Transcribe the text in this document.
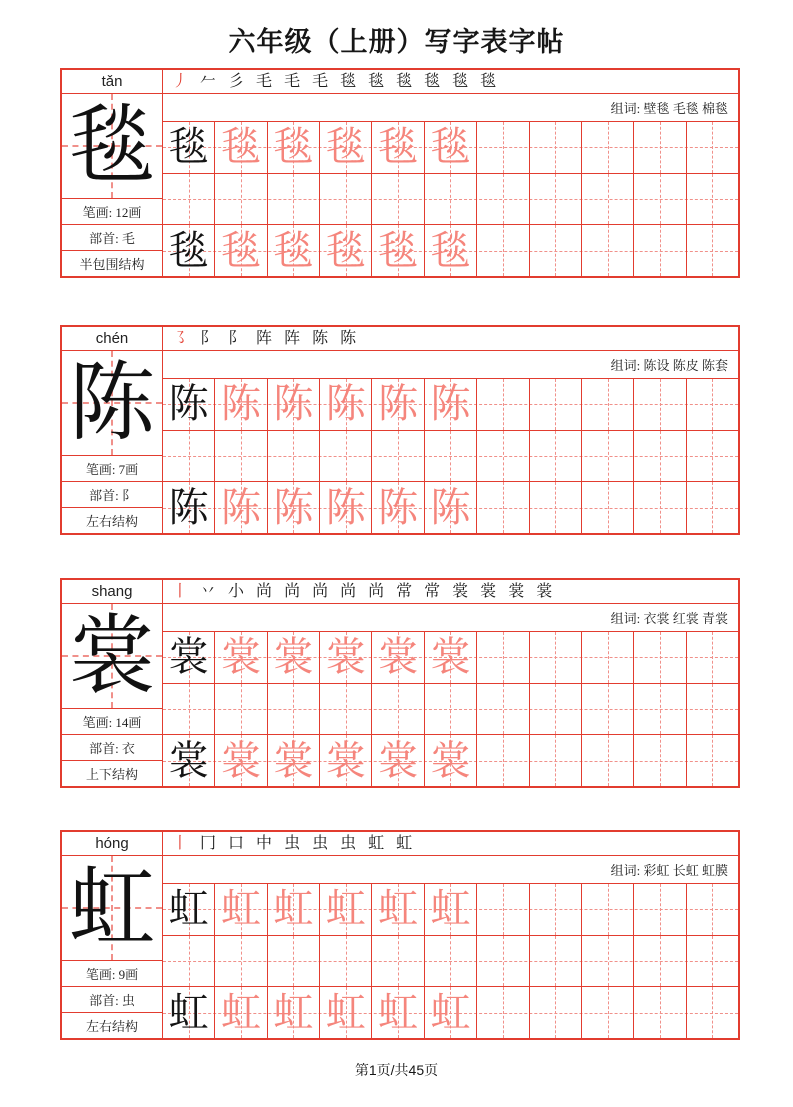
六年级（上册）写字表字帖
tǎn
毯
笔画: 12画
部首: 毛
半包围结构
丿 𠂉 彡 毛 毛 毛 毯 毯 毯 毯 毯 毯
组词: 壁毯 毛毯 棉毯
毯 毯 毯 毯 毯 毯
毯 毯 毯 毯 毯 毯
chén
陈
笔画: 7画
部首: 阝
左右结构
㇌ 阝 阝 阵 阵 陈 陈
组词: 陈设 陈皮 陈套
陈 陈 陈 陈 陈 陈
陈 陈 陈 陈 陈 陈
shang
裳
笔画: 14画
部首: 衣
上下结构
丨 丷 小 尚 尚 尚 尚 尚 常 常 裳 裳 裳 裳
组词: 衣裳 红裳 青裳
裳 裳 裳 裳 裳 裳
裳 裳 裳 裳 裳 裳
hóng
虹
笔画: 9画
部首: 虫
左右结构
丨 冂 口 中 虫 虫 虫 虹 虹
组词: 彩虹 长虹 虹膜
虹 虹 虹 虹 虹 虹
虹 虹 虹 虹 虹 虹
第1页/共45页
